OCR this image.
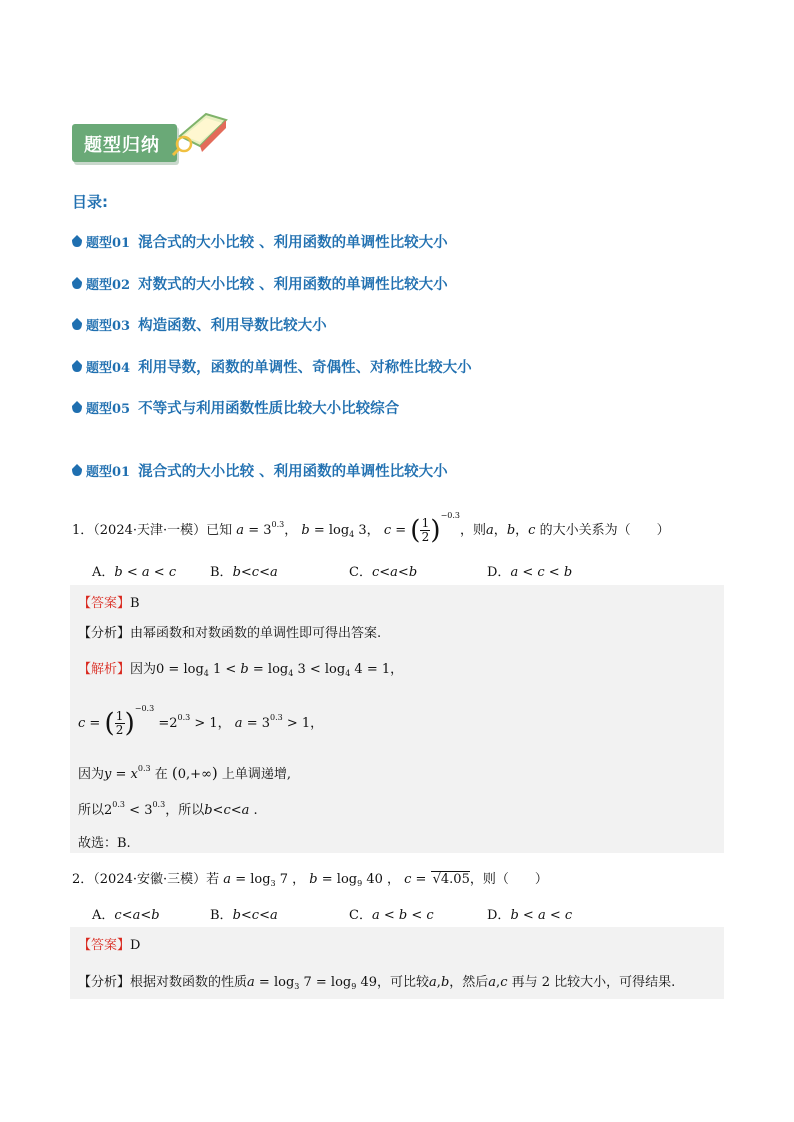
题型归纳
目录:
题型01 混合式的大小比较 、利用函数的单调性比较大小
题型02 对数式的大小比较 、利用函数的单调性比较大小
题型03 构造函数、利用导数比较大小
题型04 利用导数，函数的单调性、奇偶性、对称性比较大小
题型05 不等式与利用函数性质比较大小比较综合
题型01 混合式的大小比较 、利用函数的单调性比较大小
1．（2024·天津·一模）已知 $a = 3^{0.3}$， $b = \log_4 3$， c = ( $\frac{1}{2} )^{-0.3}$，则a，b，c 的大小关系为（　　）
A．b < a < c	B．b<c<a	C．c<a<b	D．a < c < b
【答案】B
【分析】由幂函数和对数函数的单调性即可得出答案.
【解析】因为$0 = \log_4 1 < b = \log_4 3 < \log_4 4 = 1$，
c = ( $\frac{1}{2} )^{-0.3} =2^{0.3} > 1$， $a = 3^{0.3} > 1$，
因为$y = x^{0.3}$ 在 (0,+∞) 上单调递增,
所以$2^{0.3} < 3^{0.3}$，所以b<c<a .
故选：B.
2．（2024·安徽·三模）若 $a = \log_3 7$ ， $b = \log_9 40$ ， c = √4.05，则（　　）
A．c<a<b	B．b<c<a	C．a < b < c	D．b < a < c
【答案】D
【分析】根据对数函数的性质$a = \log_3 7 = \log_9 49$，可比较a,b，然后a,c 再与 2 比较大小，可得结果.
